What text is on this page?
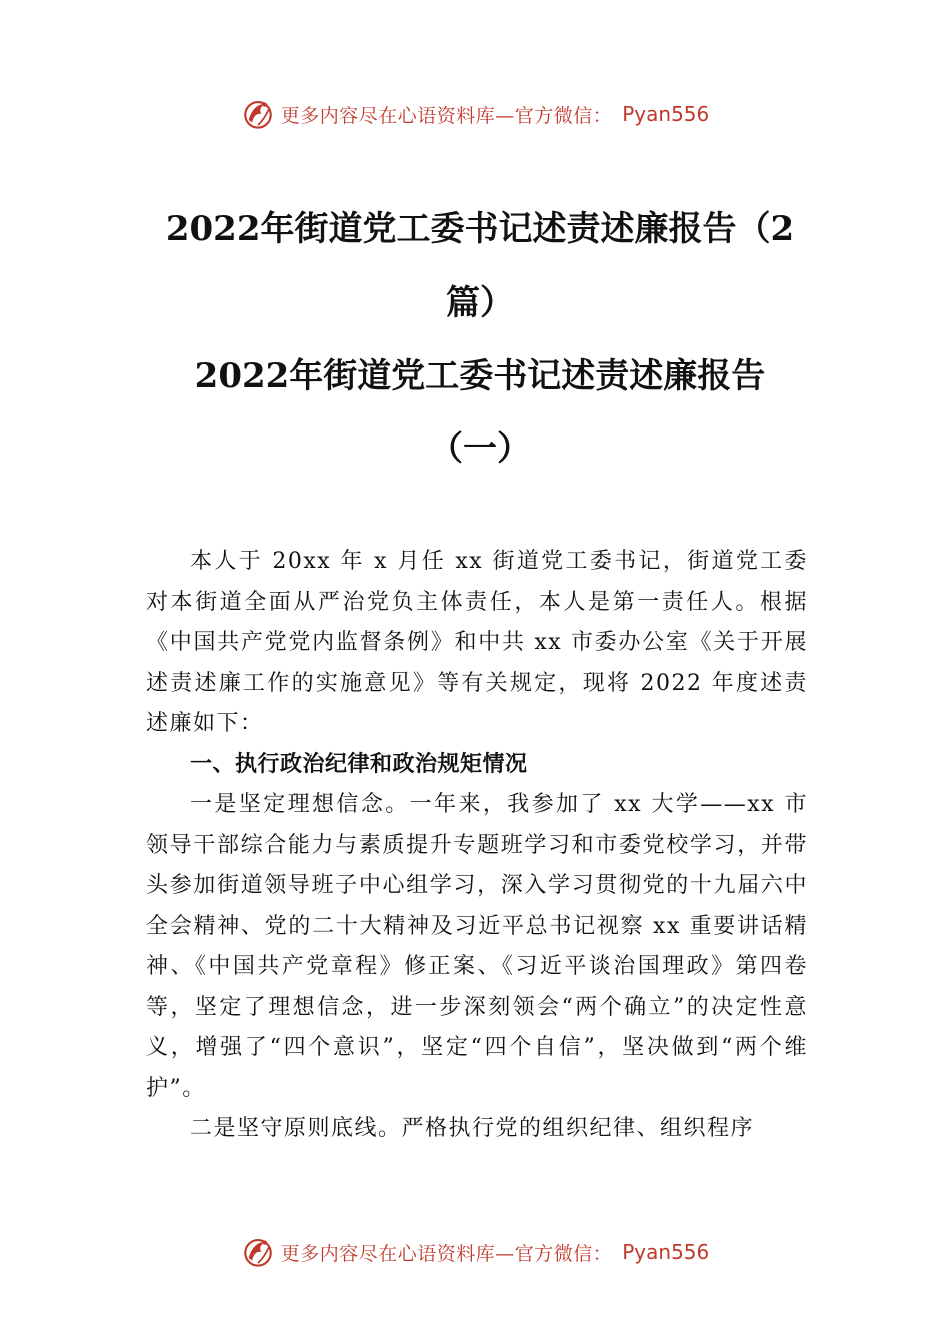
更多内容尽在心语资料库—官方微信： Pyan556
2022年街道党工委书记述责述廉报告（2
篇）
2022年街道党工委书记述责述廉报告
（一）

本人于 20xx 年 x 月任 xx 街道党工委书记，街道党工委对本街道全面从严治党负主体责任，本人是第一责任人。根据《中国共产党党内监督条例》和中共 xx 市委办公室《关于开展述责述廉工作的实施意见》等有关规定，现将 2022 年度述责述廉如下：

一、执行政治纪律和政治规矩情况

一是坚定理想信念。一年来，我参加了 xx 大学——xx 市领导干部综合能力与素质提升专题班学习和市委党校学习，并带头参加街道领导班子中心组学习，深入学习贯彻党的十九届六中全会精神、党的二十大精神及习近平总书记视察 xx 重要讲话精神、《中国共产党章程》修正案、《习近平谈治国理政》第四卷等，坚定了理想信念，进一步深刻领会“两个确立”的决定性意义，增强了“四个意识”，坚定“四个自信”，坚决做到“两个维护”。

二是坚守原则底线。严格执行党的组织纪律、组织程序

更多内容尽在心语资料库—官方微信： Pyan556
